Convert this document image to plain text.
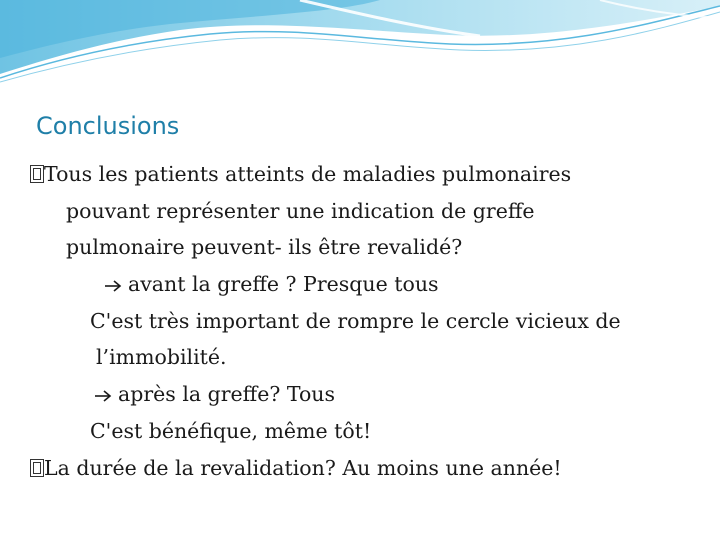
Conclusions
Tous les patients atteints de maladies pulmonaires
pouvant représenter une indication de greffe
pulmonaire peuvent- ils être revalidé?
avant la greffe ? Presque tous
C'est très important de rompre le cercle vicieux de
l’immobilité.
après la greffe? Tous
C'est bénéfique, même tôt!
La durée de la revalidation? Au moins une année!
